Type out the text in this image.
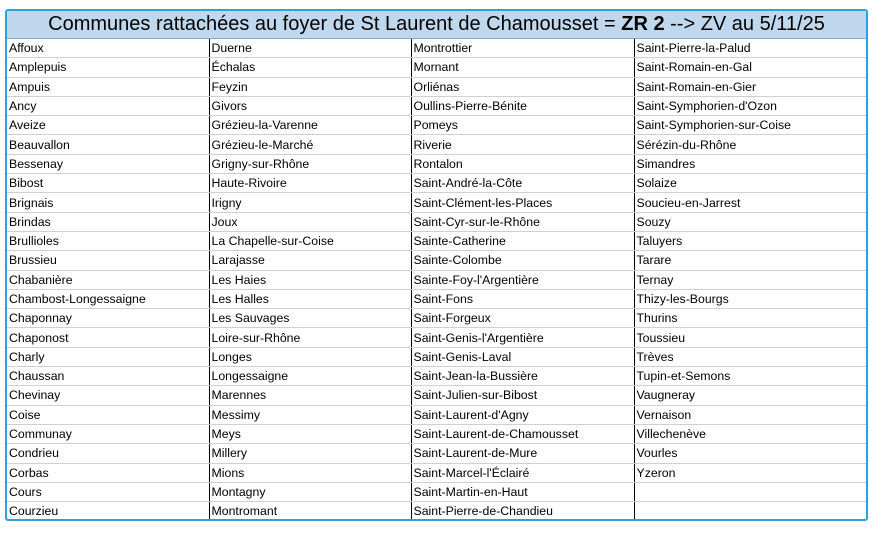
Communes rattachées au foyer de St Laurent de Chamousset = ZR 2 --> ZV au 5/11/25
Affoux	Duerne	Montrottier	Saint-Pierre-la-Palud
Amplepuis	Échalas	Mornant	Saint-Romain-en-Gal
Ampuis	Feyzin	Orliénas	Saint-Romain-en-Gier
Ancy	Givors	Oullins-Pierre-Bénite	Saint-Symphorien-d'Ozon
Aveize	Grézieu-la-Varenne	Pomeys	Saint-Symphorien-sur-Coise
Beauvallon	Grézieu-le-Marché	Riverie	Sérézin-du-Rhône
Bessenay	Grigny-sur-Rhône	Rontalon	Simandres
Bibost	Haute-Rivoire	Saint-André-la-Côte	Solaize
Brignais	Irigny	Saint-Clément-les-Places	Soucieu-en-Jarrest
Brindas	Joux	Saint-Cyr-sur-le-Rhône	Souzy
Brullioles	La Chapelle-sur-Coise	Sainte-Catherine	Taluyers
Brussieu	Larajasse	Sainte-Colombe	Tarare
Chabanière	Les Haies	Sainte-Foy-l'Argentière	Ternay
Chambost-Longessaigne	Les Halles	Saint-Fons	Thizy-les-Bourgs
Chaponnay	Les Sauvages	Saint-Forgeux	Thurins
Chaponost	Loire-sur-Rhône	Saint-Genis-l'Argentière	Toussieu
Charly	Longes	Saint-Genis-Laval	Trèves
Chaussan	Longessaigne	Saint-Jean-la-Bussière	Tupin-et-Semons
Chevinay	Marennes	Saint-Julien-sur-Bibost	Vaugneray
Coise	Messimy	Saint-Laurent-d'Agny	Vernaison
Communay	Meys	Saint-Laurent-de-Chamousset	Villechenève
Condrieu	Millery	Saint-Laurent-de-Mure	Vourles
Corbas	Mions	Saint-Marcel-l'Éclairé	Yzeron
Cours	Montagny	Saint-Martin-en-Haut	
Courzieu	Montromant	Saint-Pierre-de-Chandieu	
